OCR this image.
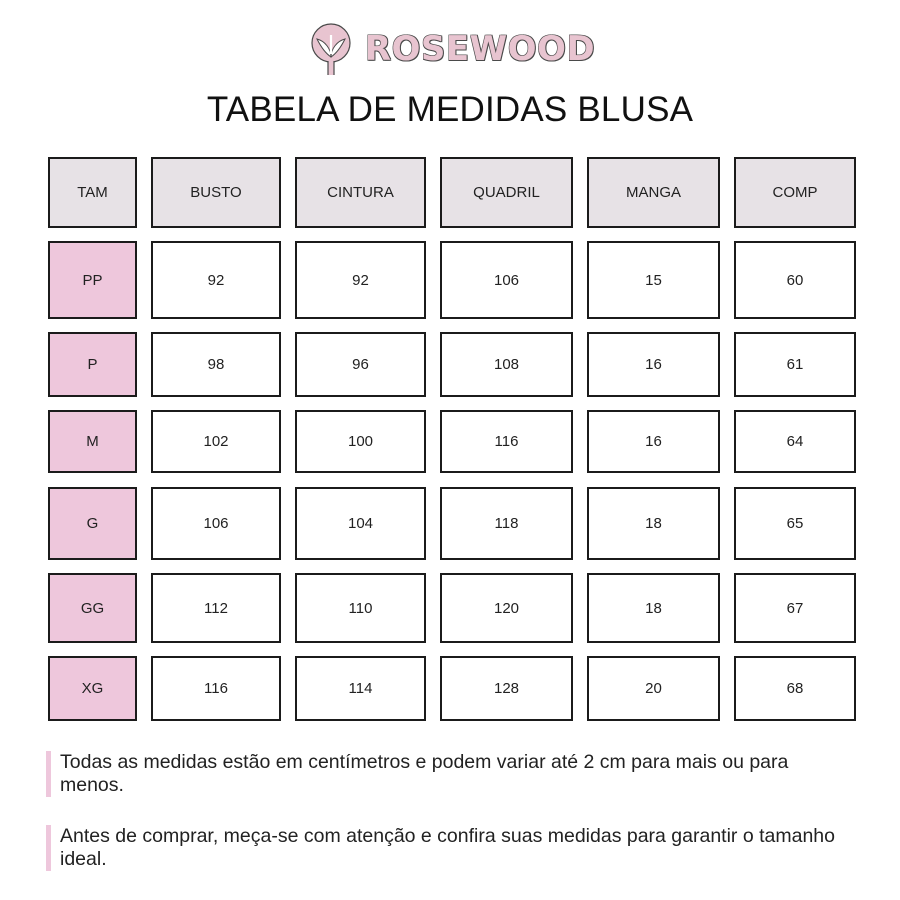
ROSEWOOD
TABELA DE MEDIDAS BLUSA
TAM	BUSTO	CINTURA	QUADRIL	MANGA	COMP
PP	92	92	106	15	60
P	98	96	108	16	61
M	102	100	116	16	64
G	106	104	118	18	65
GG	112	110	120	18	67
XG	116	114	128	20	68

Todas as medidas estão em centímetros e podem variar até 2 cm para mais ou para menos.

Antes de comprar, meça-se com atenção e confira suas medidas para garantir o tamanho ideal.
